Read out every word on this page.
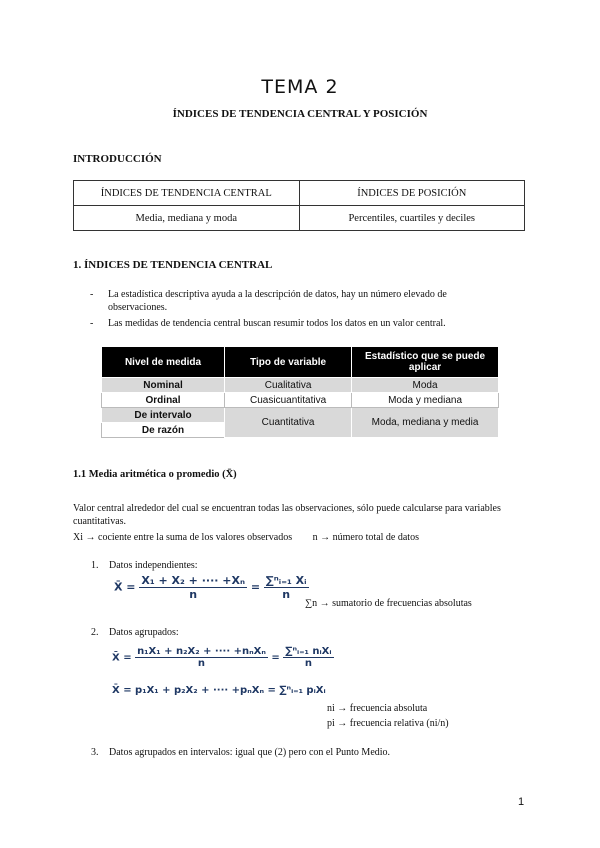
TEMA 2
ÍNDICES DE TENDENCIA CENTRAL Y POSICIÓN
INTRODUCCIÓN
ÍNDICES DE TENDENCIA CENTRAL	ÍNDICES DE POSICIÓN
Media, mediana y moda	Percentiles, cuartiles y deciles
1. ÍNDICES DE TENDENCIA CENTRAL
- La estadística descriptiva ayuda a la descripción de datos, hay un número elevado de observaciones.
- Las medidas de tendencia central buscan resumir todos los datos en un valor central.
Nivel de medida	Tipo de variable	Estadístico que se puede aplicar
Nominal	Cualitativa	Moda
Ordinal	Cuasicuantitativa	Moda y mediana
De intervalo	Cuantitativa	Moda, mediana y media
De razón		
1.1 Media aritmética o promedio (X̄)
Valor central alrededor del cual se encuentran todas las observaciones, sólo puede calcularse para variables cuantitativas.
Xi → cociente entre la suma de los valores observados n → número total de datos
1. Datos independientes:
X̄ = $\frac{\text{X₁ + X₂ + ···· +Xₙ}}{n} = \frac{\text{∑ⁿᵢ₌₁ Xᵢ}}{n}$
∑n → sumatorio de frecuencias absolutas
2. Datos agrupados:
X̄ = $\frac{\text{n₁X₁ + n₂X₂ + ···· +nₙXₙ}}{n} = \frac{\text{∑ⁿᵢ₌₁ nᵢXᵢ}}{n}$
X̄ = p₁X₁ + p₂X₂ + ···· +pₙXₙ = ∑ⁿᵢ₌₁ pᵢXᵢ
ni → frecuencia absoluta
pi → frecuencia relativa (ni/n)
3. Datos agrupados en intervalos: igual que (2) pero con el Punto Medio.
1
